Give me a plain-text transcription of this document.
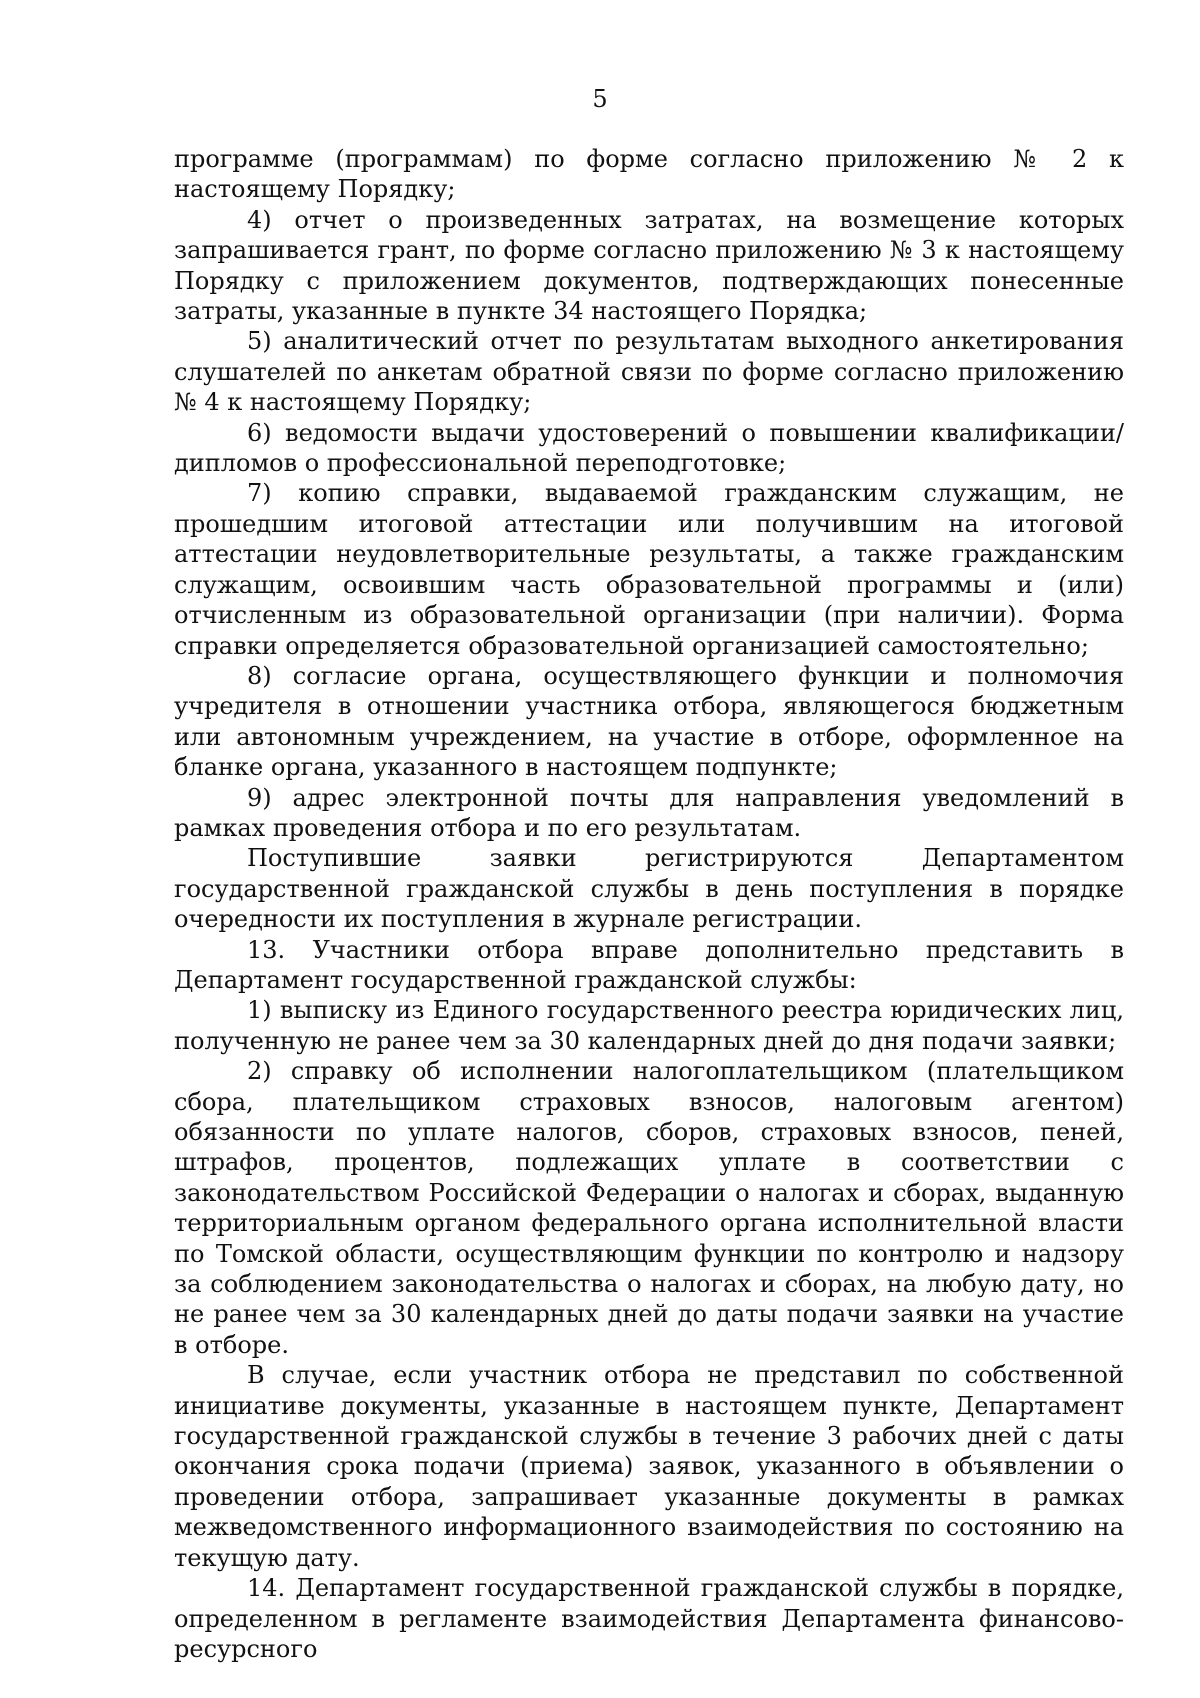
5

программе (программам) по форме согласно приложению № 2 к настоящему Порядку;

4) отчет о произведенных затратах, на возмещение которых запрашивается грант, по форме согласно приложению № 3 к настоящему Порядку с приложением документов, подтверждающих понесенные затраты, указанные в пункте 34 настоящего Порядка;

5) аналитический отчет по результатам выходного анкетирования слушателей по анкетам обратной связи по форме согласно приложению № 4 к настоящему Порядку;

6) ведомости выдачи удостоверений о повышении квалификации/дипломов о профессиональной переподготовке;

7) копию справки, выдаваемой гражданским служащим, не прошедшим итоговой аттестации или получившим на итоговой аттестации неудовлетворительные результаты, а также гражданским служащим, освоившим часть образовательной программы и (или) отчисленным из образовательной организации (при наличии). Форма справки определяется образовательной организацией самостоятельно;

8) согласие органа, осуществляющего функции и полномочия учредителя в отношении участника отбора, являющегося бюджетным или автономным учреждением, на участие в отборе, оформленное на бланке органа, указанного в настоящем подпункте;

9) адрес электронной почты для направления уведомлений в рамках проведения отбора и по его результатам.

Поступившие заявки регистрируются Департаментом государственной гражданской службы в день поступления в порядке очередности их поступления в журнале регистрации.

13. Участники отбора вправе дополнительно представить в Департамент государственной гражданской службы:

1) выписку из Единого государственного реестра юридических лиц, полученную не ранее чем за 30 календарных дней до дня подачи заявки;

2) справку об исполнении налогоплательщиком (плательщиком сбора, плательщиком страховых взносов, налоговым агентом) обязанности по уплате налогов, сборов, страховых взносов, пеней, штрафов, процентов, подлежащих уплате в соответствии с законодательством Российской Федерации о налогах и сборах, выданную территориальным органом федерального органа исполнительной власти по Томской области, осуществляющим функции по контролю и надзору за соблюдением законодательства о налогах и сборах, на любую дату, но не ранее чем за 30 календарных дней до даты подачи заявки на участие в отборе.

В случае, если участник отбора не представил по собственной инициативе документы, указанные в настоящем пункте, Департамент государственной гражданской службы в течение 3 рабочих дней с даты окончания срока подачи (приема) заявок, указанного в объявлении о проведении отбора, запрашивает указанные документы в рамках межведомственного информационного взаимодействия по состоянию на текущую дату.

14. Департамент государственной гражданской службы в порядке, определенном в регламенте взаимодействия Департамента финансово-ресурсного
